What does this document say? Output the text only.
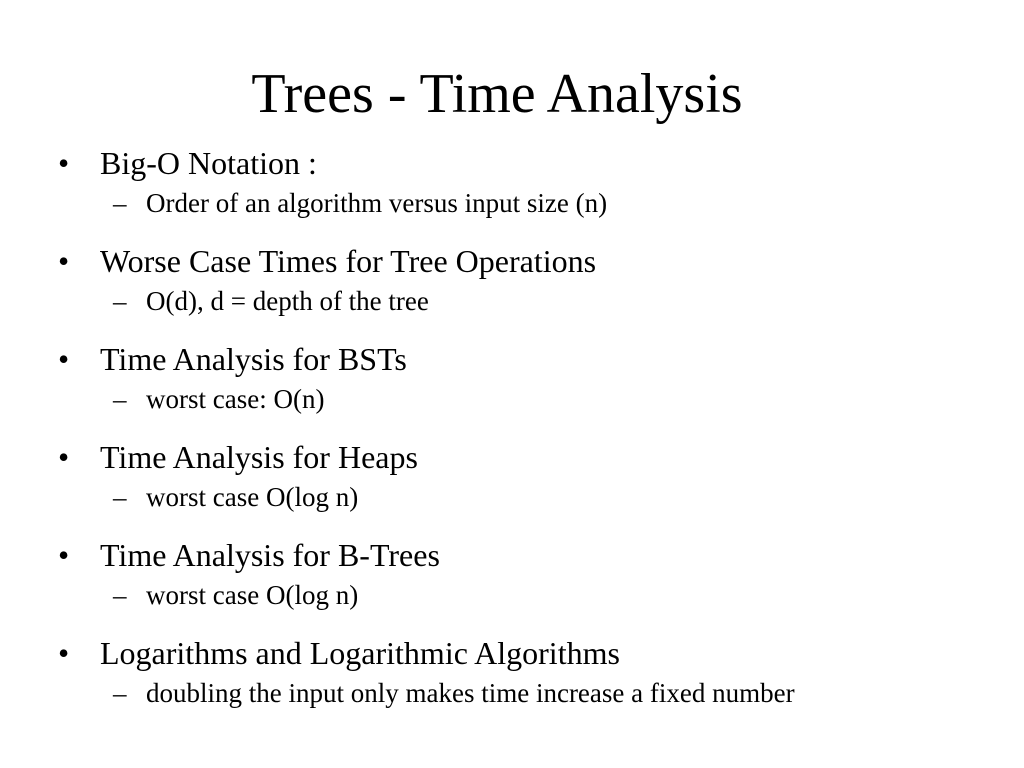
Trees - Time Analysis
• Big-O Notation :
– Order of an algorithm versus input size (n)
• Worse Case Times for Tree Operations
– O(d), d = depth of the tree
• Time Analysis for BSTs
– worst case: O(n)
• Time Analysis for Heaps
– worst case O(log n)
• Time Analysis for B-Trees
– worst case O(log n)
• Logarithms and Logarithmic Algorithms
– doubling the input only makes time increase a fixed number
